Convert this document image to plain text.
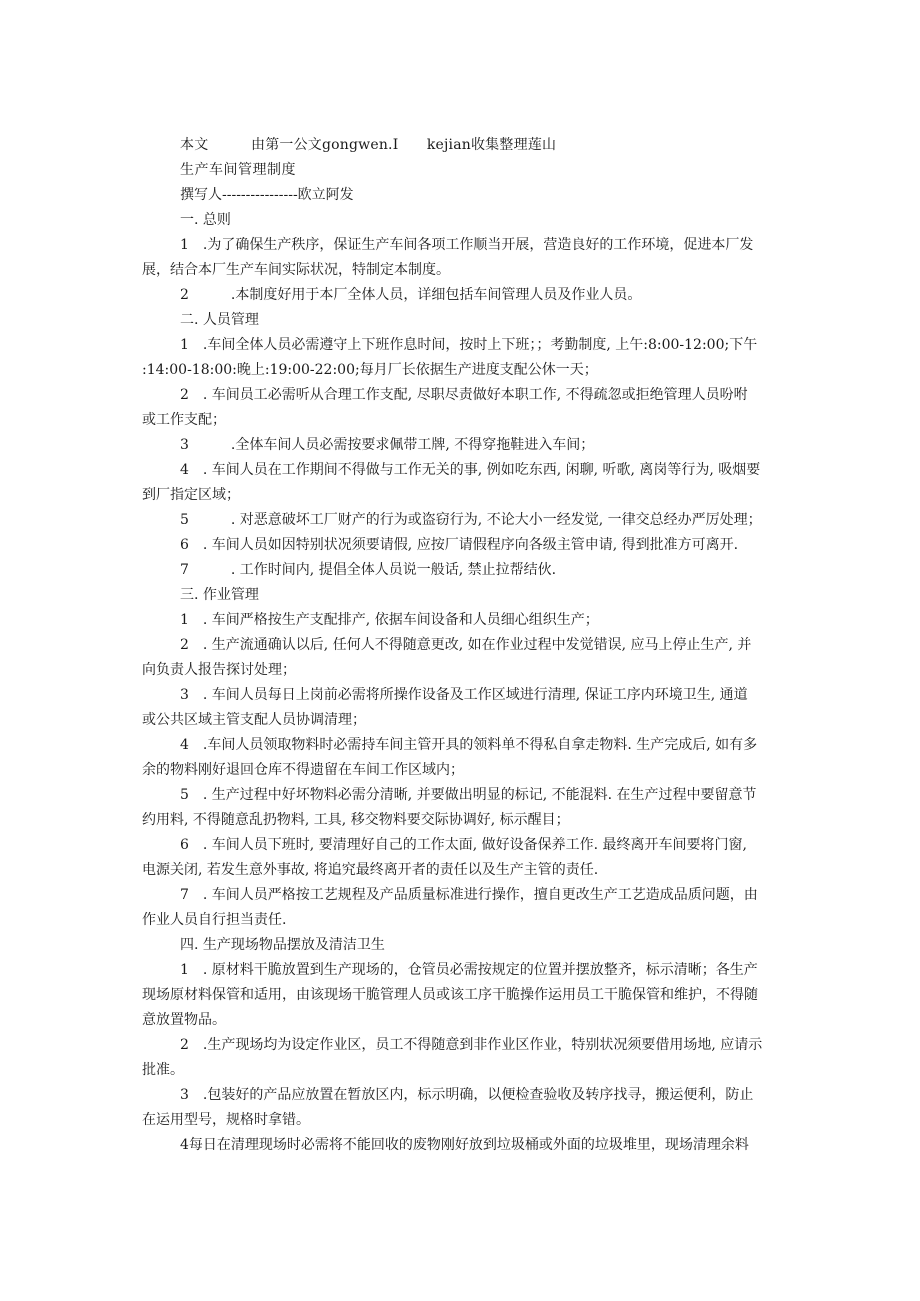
本文　　　由第一公文gongwen.I　　kejian收集整理莲山

生产车间管理制度

撰写人----------------欧立阿发

一. 总则

1　.为了确保生产秩序，保证生产车间各项工作顺当开展，营造良好的工作环境，促进本厂发

展，结合本厂生产车间实际状况，特制定本制度。

2　　　.本制度好用于本厂全体人员，详细包括车间管理人员及作业人员。

二. 人员管理

1　.车间全体人员必需遵守上下班作息时间，按时上下班；；考勤制度, 上午:8:00-12:00;下午

:14:00-18:00:晚上:19:00-22:00;每月厂长依据生产进度支配公休一天；

2　. 车间员工必需听从合理工作支配, 尽职尽责做好本职工作, 不得疏忽或拒绝管理人员吩咐

或工作支配；

3　　　.全体车间人员必需按要求佩带工牌, 不得穿拖鞋进入车间；

4　. 车间人员在工作期间不得做与工作无关的事, 例如吃东西, 闲聊, 听歌, 离岗等行为, 吸烟要

到厂指定区域；

5　　　. 对恶意破坏工厂财产的行为或盗窃行为, 不论大小一经发觉, 一律交总经办严厉处理；

6　. 车间人员如因特别状况须要请假, 应按厂请假程序向各级主管申请, 得到批准方可离开.

7　　　. 工作时间内, 提倡全体人员说一般话, 禁止拉帮结伙.

三. 作业管理

1　. 车间严格按生产支配排产, 依据车间设备和人员细心组织生产；

2　. 生产流通确认以后, 任何人不得随意更改, 如在作业过程中发觉错误, 应马上停止生产, 并

向负责人报告探讨处理；

3　. 车间人员每日上岗前必需将所操作设备及工作区域进行清理, 保证工序内环境卫生, 通道

或公共区域主管支配人员协调清理；

4　.车间人员领取物料时必需持车间主管开具的领料单不得私自拿走物料. 生产完成后, 如有多

余的物料刚好退回仓库不得遗留在车间工作区域内；

5　. 生产过程中好坏物料必需分清晰, 并要做出明显的标记, 不能混料. 在生产过程中要留意节

约用料, 不得随意乱扔物料, 工具, 移交物料要交际协调好, 标示醒目；

6　. 车间人员下班时, 要清理好自己的工作太面, 做好设备保养工作. 最终离开车间要将门窗,

电源关闭, 若发生意外事故, 将追究最终离开者的责任以及生产主管的责任.

7　. 车间人员严格按工艺规程及产品质量标准进行操作，擅自更改生产工艺造成品质问题，由

作业人员自行担当责任.

四. 生产现场物品摆放及清洁卫生

1　. 原材料干脆放置到生产现场的，仓管员必需按规定的位置并摆放整齐，标示清晰；各生产

现场原材料保管和适用，由该现场干脆管理人员或该工序干脆操作运用员工干脆保管和维护，不得随

意放置物品。

2　.生产现场均为设定作业区，员工不得随意到非作业区作业，特别状况须要借用场地, 应请示

批准。

3　.包装好的产品应放置在暂放区内，标示明确，以便检查验收及转序找寻，搬运便利，防止

在运用型号，规格时拿错。

4每日在清理现场时必需将不能回收的废物刚好放到垃圾桶或外面的垃圾堆里，现场清理余料
